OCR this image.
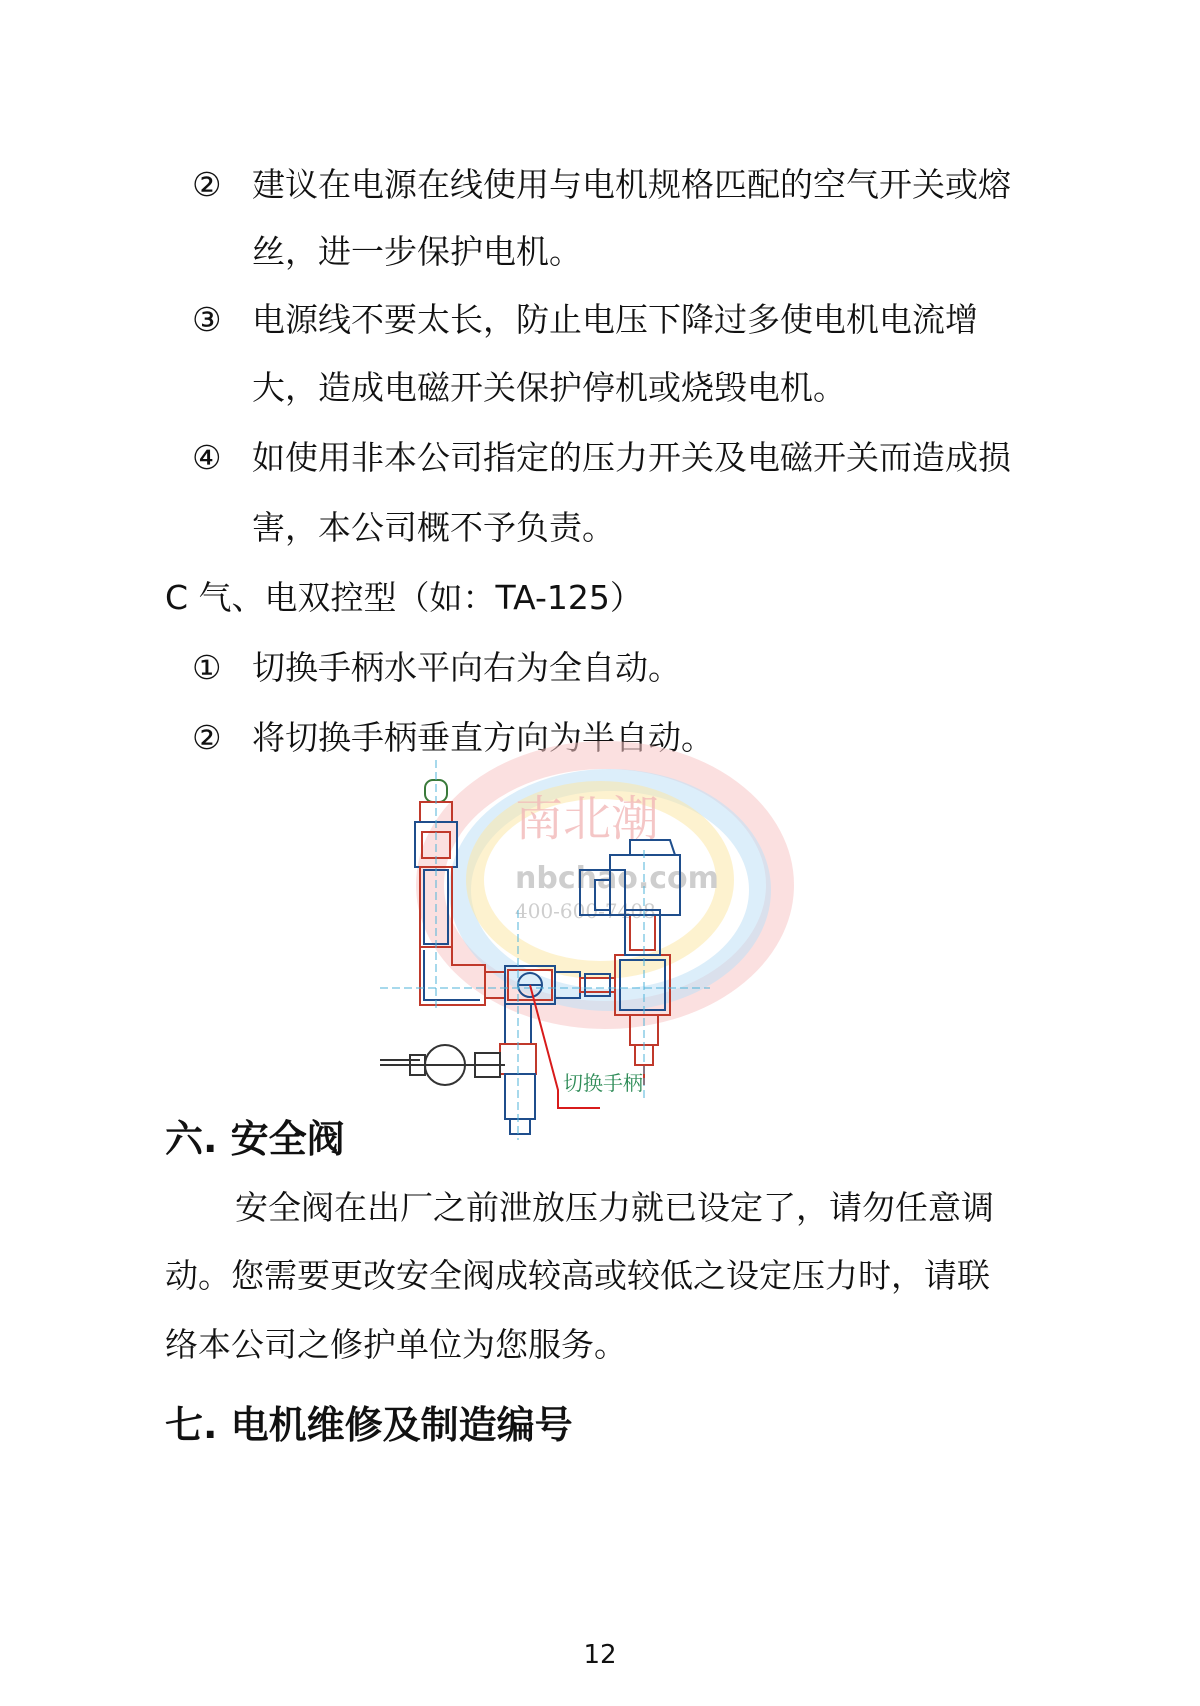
② 建议在电源在线使用与电机规格匹配的空气开关或熔
丝，进一步保护电机。
③ 电源线不要太长，防止电压下降过多使电机电流增
大，造成电磁开关保护停机或烧毁电机。
④ 如使用非本公司指定的压力开关及电磁开关而造成损
害，本公司概不予负责。
C 气、电双控型（如：TA-125）
① 切换手柄水平向右为全自动。
② 将切换手柄垂直方向为半自动。
南北潮
nbchao.com
400-600-7408
切换手柄
六. 安全阀
安全阀在出厂之前泄放压力就已设定了，请勿任意调
动。您需要更改安全阀成较高或较低之设定压力时，请联
络本公司之修护单位为您服务。
七. 电机维修及制造编号
12
